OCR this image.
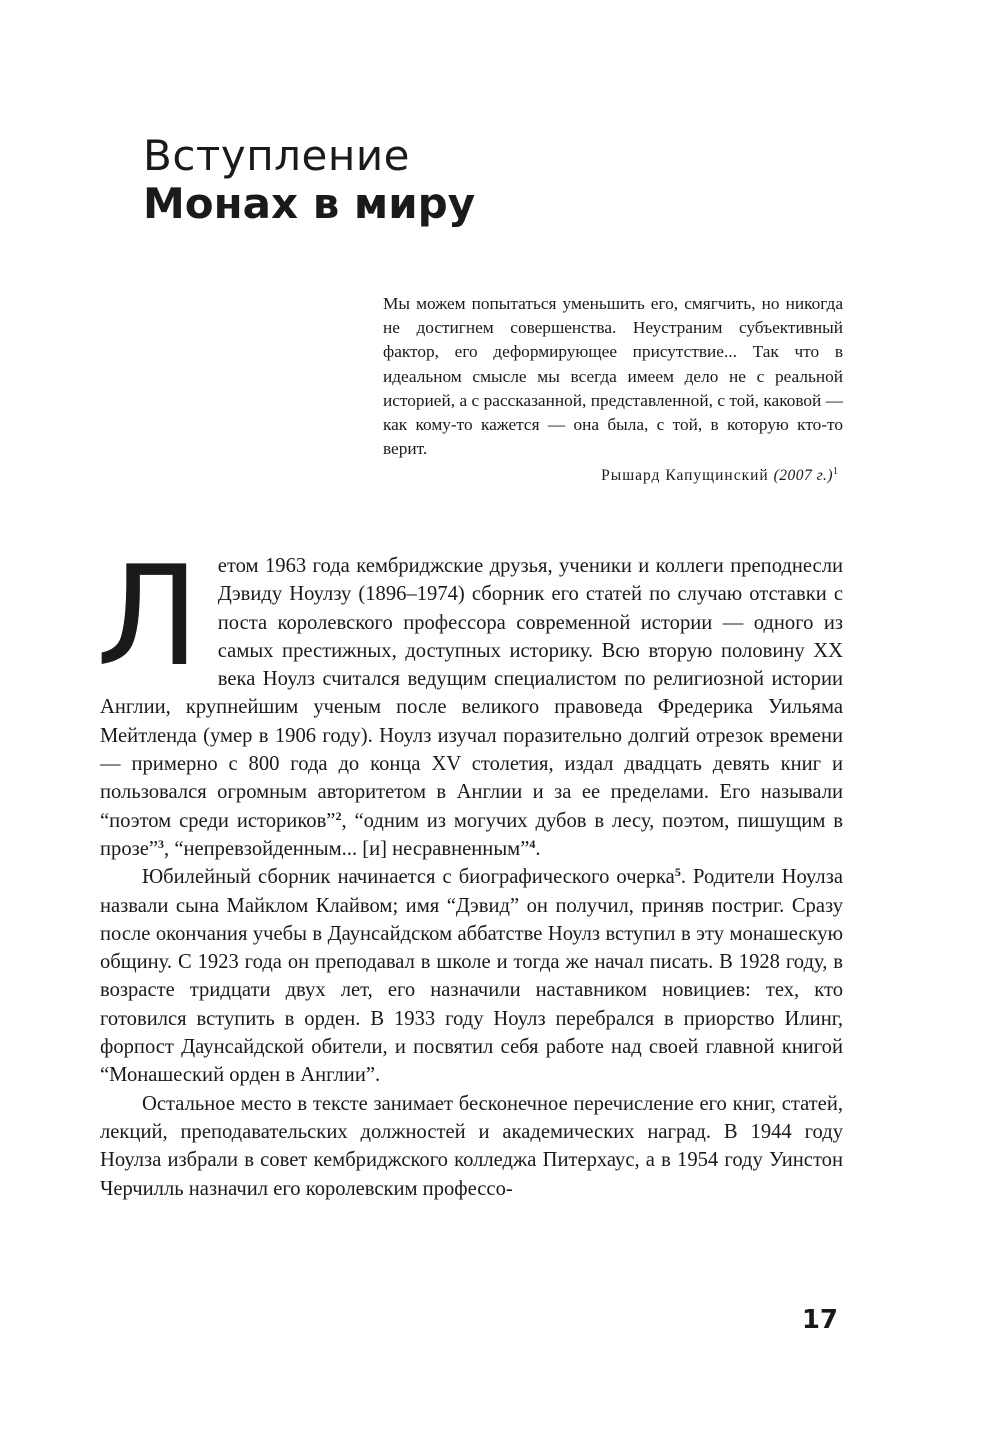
Вступление
Монах в миру

Мы можем попытаться уменьшить его, смягчить, но никогда не достигнем совершенства. Неустраним субъективный фактор, его деформирующее присутствие... Так что в идеальном смысле мы всегда имеем дело не с реальной историей, а с рассказанной, представленной, с той, каковой — как кому-то кажется — она была, с той, в которую кто-то верит.

Рышард Капущинский (2007 г.)$^1$

Летом 1963 года кембриджские друзья, ученики и коллеги преподнесли Дэвиду Ноулзу (1896–1974) сборник его статей по случаю отставки с поста королевского профессора современной истории — одного из самых престижных, доступных историку. Всю вторую половину XX века Ноулз считался ведущим специалистом по религиозной истории Англии, крупнейшим ученым после великого правоведа Фредерика Уильяма Мейтленда (умер в 1906 году). Ноулз изучал поразительно долгий отрезок времени — примерно с 800 года до конца XV столетия, издал двадцать девять книг и пользовался огромным авторитетом в Англии и за ее пределами. Его называли “поэтом среди историков”$^2$, “одним из могучих дубов в лесу, поэтом, пишущим в прозе”$^3$, “непревзойденным... [и] несравненным”$^4$.

Юбилейный сборник начинается с биографического очерка$^5$. Родители Ноулза назвали сына Майклом Клайвом; имя “Дэвид” он получил, приняв постриг. Сразу после окончания учебы в Даунсайдском аббатстве Ноулз вступил в эту монашескую общину. С 1923 года он преподавал в школе и тогда же начал писать. В 1928 году, в возрасте тридцати двух лет, его назначили наставником новициев: тех, кто готовился вступить в орден. В 1933 году Ноулз перебрался в приорство Илинг, форпост Даунсайдской обители, и посвятил себя работе над своей главной книгой “Монашеский орден в Англии”.

Остальное место в тексте занимает бесконечное перечисление его книг, статей, лекций, преподавательских должностей и академических наград. В 1944 году Ноулза избрали в совет кембриджского колледжа Питерхаус, а в 1954 году Уинстон Черчилль назначил его королевским профессо-

17
